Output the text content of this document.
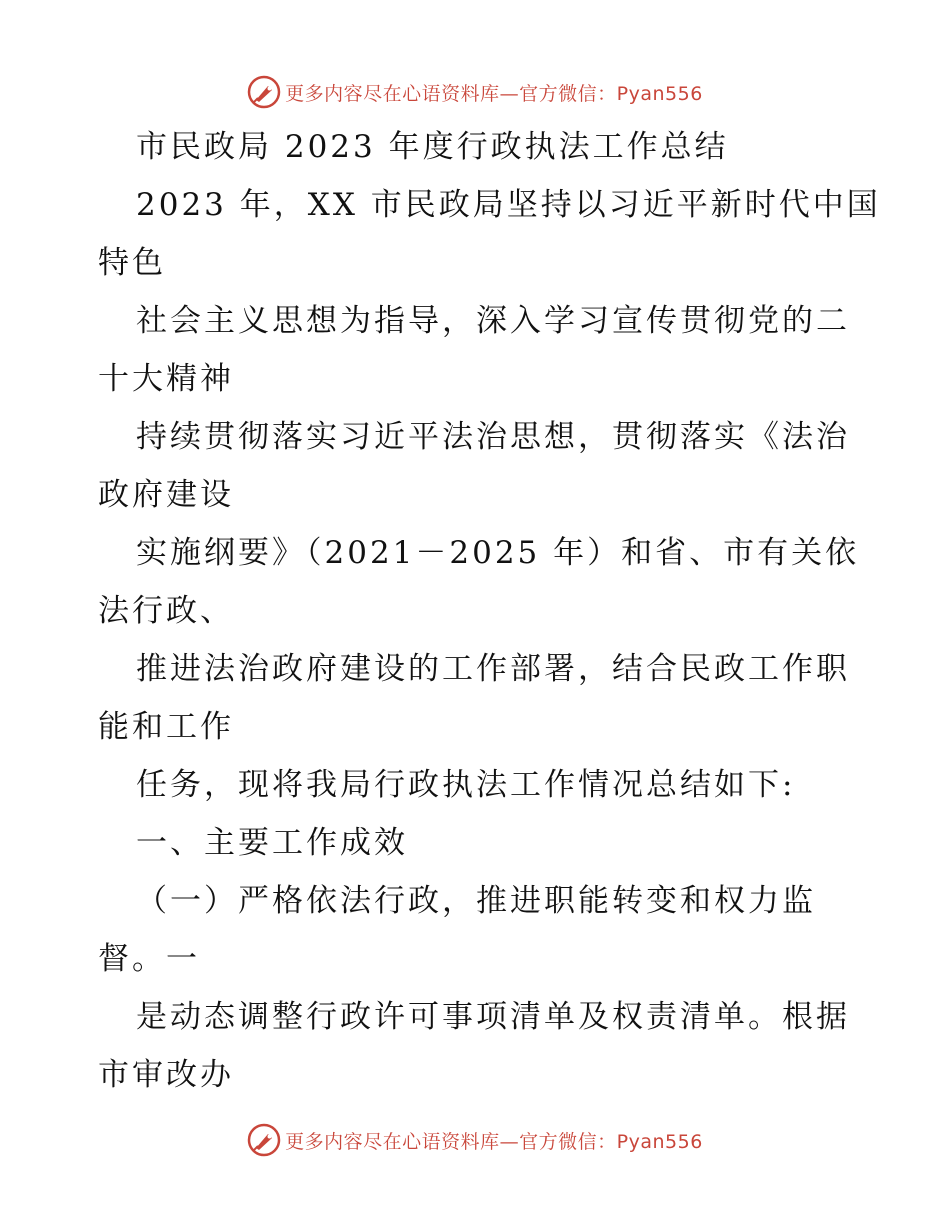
更多内容尽在心语资料库—官方微信：Pyan556
市民政局 2023 年度行政执法工作总结
2023 年，XX 市民政局坚持以习近平新时代中国
特色
社会主义思想为指导，深入学习宣传贯彻党的二
十大精神
持续贯彻落实习近平法治思想，贯彻落实《法治
政府建设
实施纲要》（2021－2025 年）和省、市有关依
法行政、
推进法治政府建设的工作部署，结合民政工作职
能和工作
任务，现将我局行政执法工作情况总结如下:
一、主要工作成效
（一）严格依法行政，推进职能转变和权力监
督。一
是动态调整行政许可事项清单及权责清单。根据
市审改办
更多内容尽在心语资料库—官方微信：Pyan556
